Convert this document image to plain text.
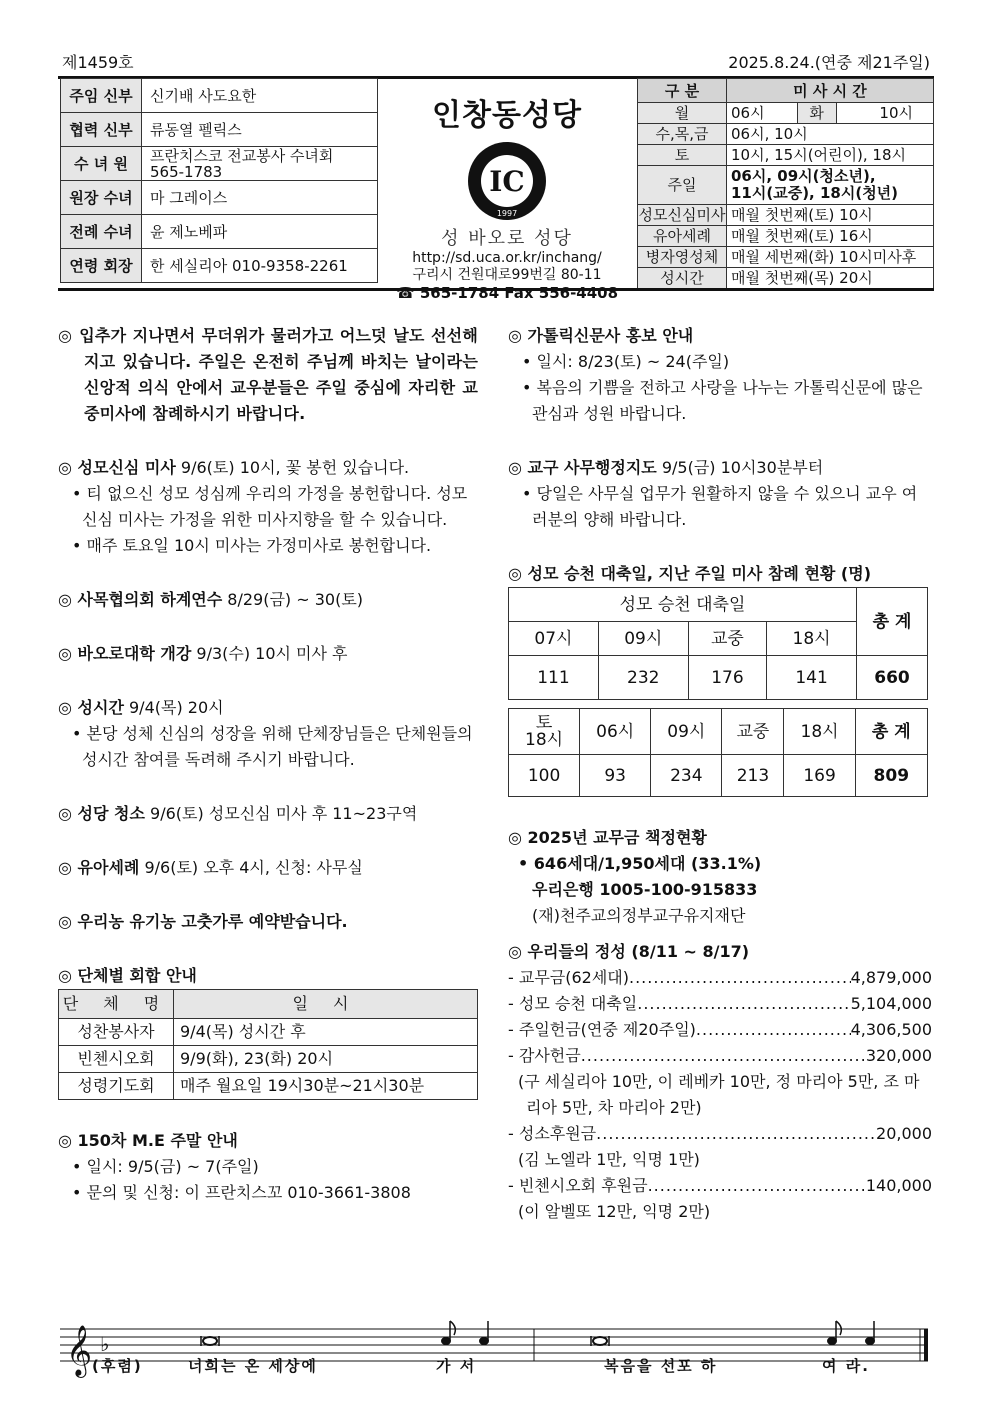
제1459호	2025.8.24.(연중 제21주일)
주임 신부	신기배 사도요한
협력 신부	류동열 펠릭스
수 녀 원	프란치스코 전교봉사 수녀회
565-1783
원장 수녀	마 그레이스
전례 수녀	윤 제노베파
연령 회장	한 세실리아 010-9358-2261
인창동성당
IC
1997
성 바오로 성당
http://sd.uca.or.kr/inchang/
구리시 건원대로99번길 80-11
☎ 565-1784 Fax 556-4408
구 분	미 사 시 간		
월	06시	화	10시
수,목,금	06시, 10시		
토	10시, 15시(어린이), 18시		
주일	06시, 09시(청소년),
11시(교중), 18시(청년)		
성모신심미사	매월 첫번째(토) 10시		
유아세례	매월 첫번째(토) 16시		
병자영성체	매월 세번째(화) 10시미사후		
성시간	매월 첫번째(목) 20시		

◎ 입추가 지나면서 무더위가 물러가고 어느덧 날도 선선해지고 있습니다. 주일은 온전히 주님께 바치는 날이라는 신앙적 의식 안에서 교우분들은 주일 중심에 자리한 교중미사에 참례하시기 바랍니다.

◎ 성모신심 미사 9/6(토) 10시, 꽃 봉헌 있습니다.

• 티 없으신 성모 성심께 우리의 가정을 봉헌합니다. 성모신심 미사는 가정을 위한 미사지향을 할 수 있습니다.

• 매주 토요일 10시 미사는 가정미사로 봉헌합니다.

◎ 사목협의회 하계연수 8/29(금) ~ 30(토)

◎ 바오로대학 개강 9/3(수) 10시 미사 후

◎ 성시간 9/4(목) 20시

• 본당 성체 신심의 성장을 위해 단체장님들은 단체원들의 성시간 참여를 독려해 주시기 바랍니다.

◎ 성당 청소 9/6(토) 성모신심 미사 후 11~23구역

◎ 유아세례 9/6(토) 오후 4시, 신청: 사무실

◎ 우리농 유기농 고춧가루 예약받습니다.

◎ 단체별 회합 안내

단 체 명	일 시
성찬봉사자	9/4(목) 성시간 후
빈첸시오회	9/9(화), 23(화) 20시
성령기도회	매주 월요일 19시30분~21시30분

◎ 150차 M.E 주말 안내

• 일시: 9/5(금) ~ 7(주일)

• 문의 및 신청: 이 프란치스꼬 010-3661-3808

◎ 가톨릭신문사 홍보 안내

• 일시: 8/23(토) ~ 24(주일)

• 복음의 기쁨을 전하고 사랑을 나누는 가톨릭신문에 많은 관심과 성원 바랍니다.

◎ 교구 사무행정지도 9/5(금) 10시30분부터

• 당일은 사무실 업무가 원활하지 않을 수 있으니 교우 여러분의 양해 바랍니다.

◎ 성모 승천 대축일, 지난 주일 미사 참례 현황 (명)

성모 승천 대축일				총 계
07시	09시	교중	18시	
111	232	176	141	660
토
18시	06시	09시	교중	18시	총 계
100	93	234	213	169	809

◎ 2025년 교무금 책정현황

• 646세대/1,950세대 (33.1%)

우리은행 1005-100-915833

(재)천주교의정부교구유지재단

◎ 우리들의 정성 (8/11 ~ 8/17)

- 교무금(62세대) .....	4,879,000
- 성모 승천 대축일 .....	5,104,000
- 주일헌금(연중 제20주일) .....	4,306,500
- 감사헌금 .....	320,000

(구 세실리아 10만, 이 레베카 10만, 정 마리아 5만, 조 마리아 5만, 차 마리아 2만)

- 성소후원금 .....	20,000

(김 노엘라 1만, 익명 1만)

- 빈첸시오회 후원금 .....	140,000

(이 알벨또 12만, 익명 2만)

𝄞 ♭
(후렴)	너희는 온 세상에	가 서	복음을 선포 하	여 라.
